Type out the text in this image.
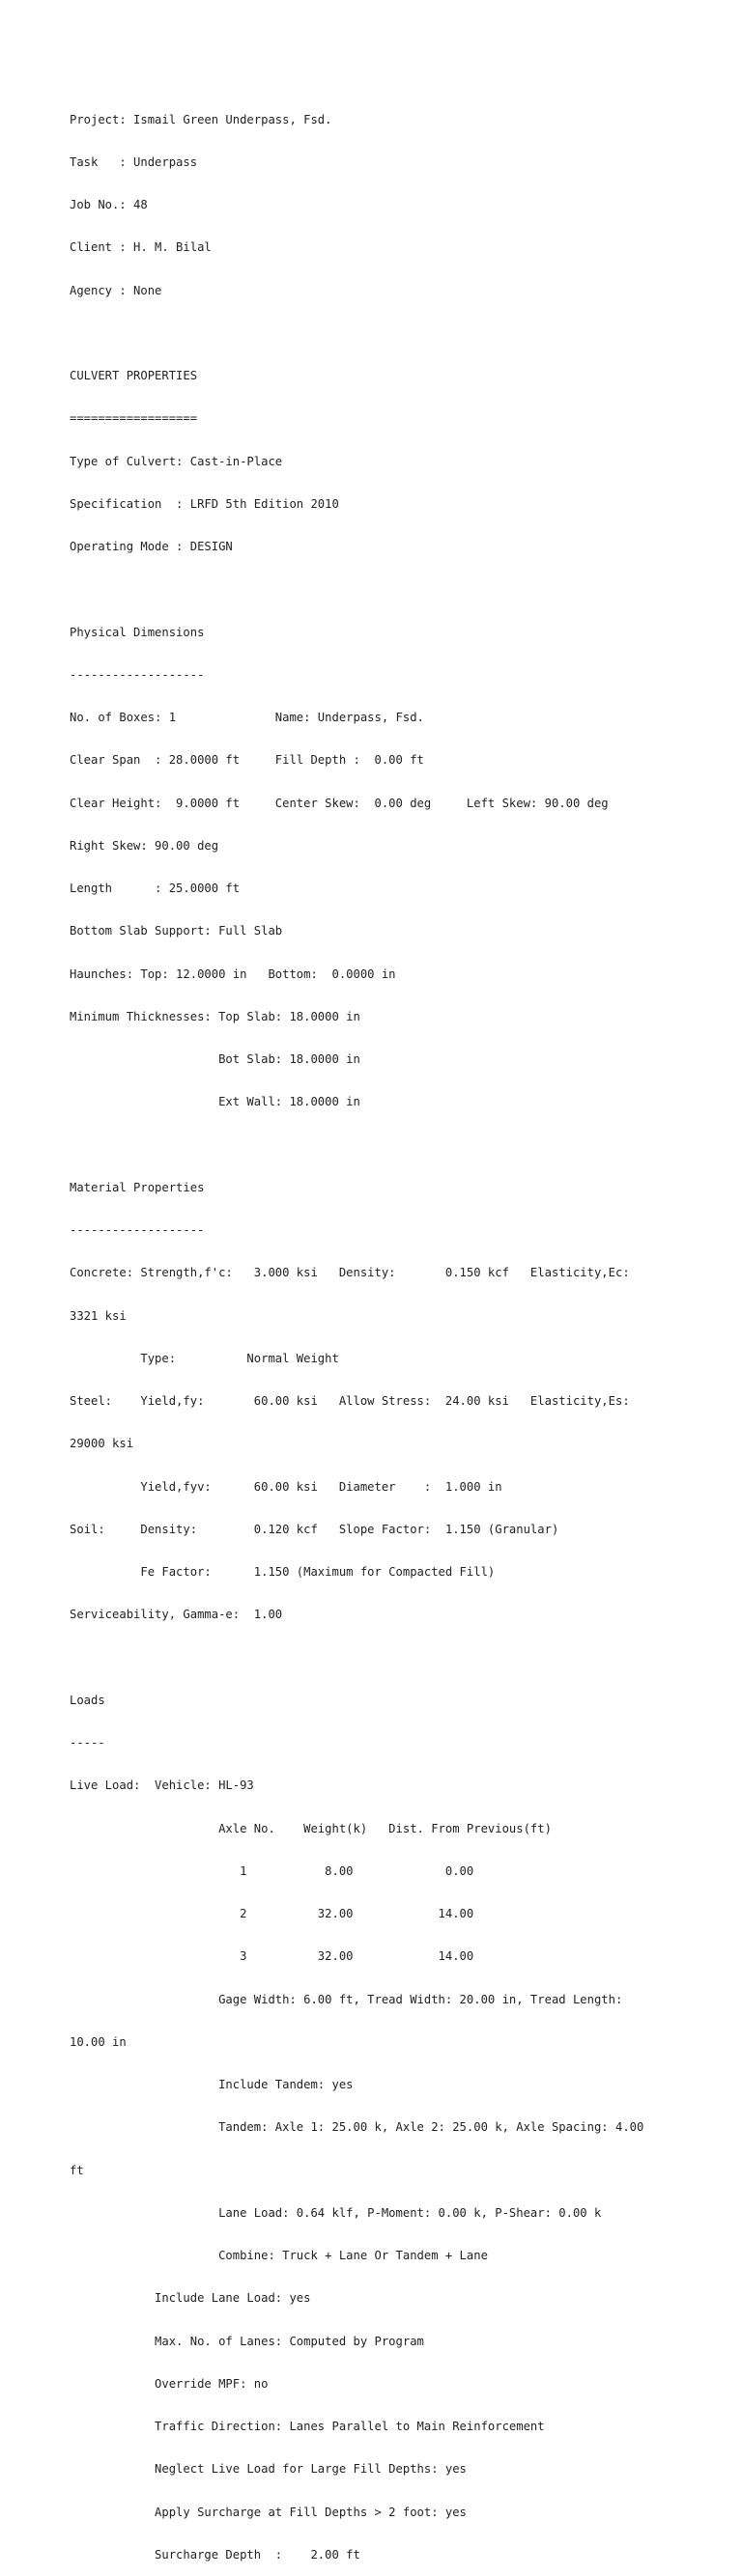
Project: Ismail Green Underpass, Fsd.

Task   : Underpass

Job No.: 48

Client : H. M. Bilal

Agency : None

CULVERT PROPERTIES

==================

Type of Culvert: Cast-in-Place

Specification  : LRFD 5th Edition 2010

Operating Mode : DESIGN

Physical Dimensions

-------------------

No. of Boxes: 1              Name: Underpass, Fsd.

Clear Span  : 28.0000 ft     Fill Depth :  0.00 ft

Clear Height:  9.0000 ft     Center Skew:  0.00 deg     Left Skew: 90.00 deg

Right Skew: 90.00 deg

Length      : 25.0000 ft

Bottom Slab Support: Full Slab

Haunches: Top: 12.0000 in   Bottom:  0.0000 in

Minimum Thicknesses: Top Slab: 18.0000 in

Bot Slab: 18.0000 in

Ext Wall: 18.0000 in

Material Properties

-------------------

Concrete: Strength,f'c:   3.000 ksi   Density:       0.150 kcf   Elasticity,Ec:

3321 ksi

Type:          Normal Weight

Steel:    Yield,fy:       60.00 ksi   Allow Stress:  24.00 ksi   Elasticity,Es:

29000 ksi

Yield,fyv:      60.00 ksi   Diameter    :  1.000 in

Soil:     Density:        0.120 kcf   Slope Factor:  1.150 (Granular)

Fe Factor:      1.150 (Maximum for Compacted Fill)

Serviceability, Gamma-e:  1.00

Loads

-----

Live Load:  Vehicle: HL-93

Axle No.    Weight(k)   Dist. From Previous(ft)

1           8.00             0.00

2          32.00            14.00

3          32.00            14.00

Gage Width: 6.00 ft, Tread Width: 20.00 in, Tread Length:

10.00 in

Include Tandem: yes

Tandem: Axle 1: 25.00 k, Axle 2: 25.00 k, Axle Spacing: 4.00

ft

Lane Load: 0.64 klf, P-Moment: 0.00 k, P-Shear: 0.00 k

Combine: Truck + Lane Or Tandem + Lane

Include Lane Load: yes

Max. No. of Lanes: Computed by Program

Override MPF: no

Traffic Direction: Lanes Parallel to Main Reinforcement

Neglect Live Load for Large Fill Depths: yes

Apply Surcharge at Fill Depths > 2 foot: yes

Surcharge Depth  :    2.00 ft
